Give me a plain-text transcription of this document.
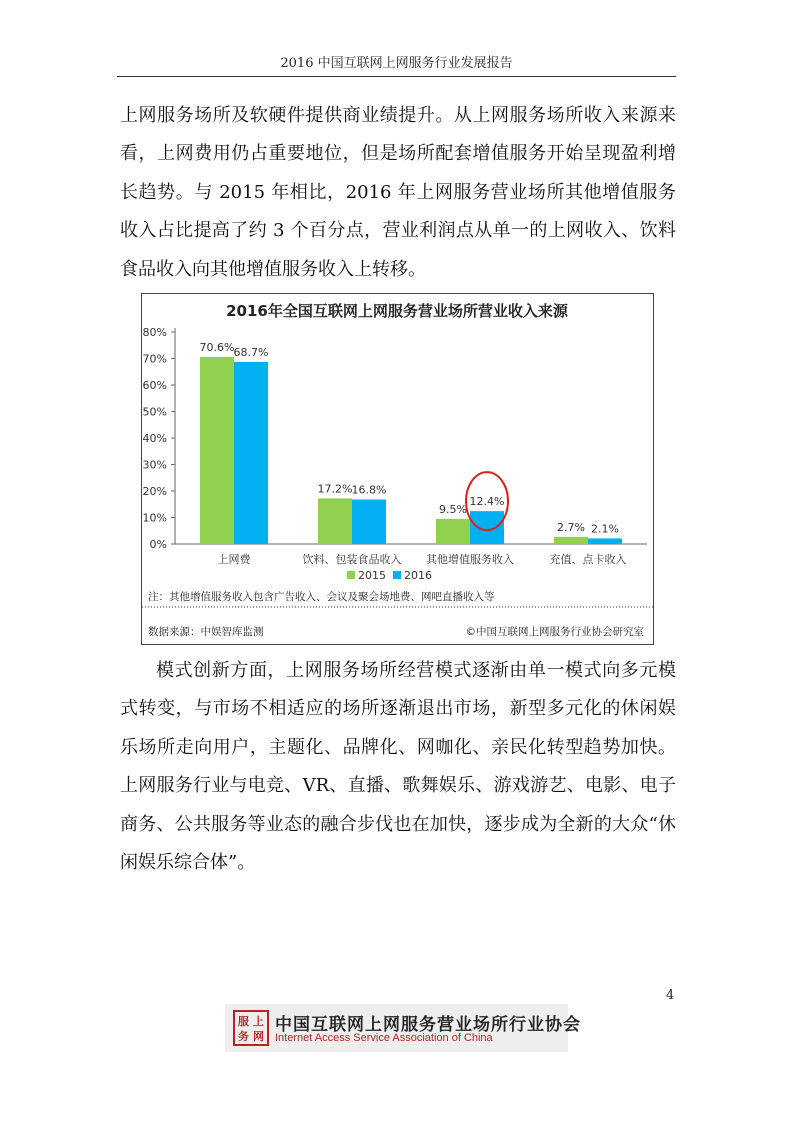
2016 中国互联网上网服务行业发展报告

上网服务场所及软硬件提供商业绩提升。从上网服务场所收入来源来看，上网费用仍占重要地位，但是场所配套增值服务开始呈现盈利增长趋势。与 2015 年相比，2016 年上网服务营业场所其他增值服务收入占比提高了约 3 个百分点，营业利润点从单一的上网收入、饮料食品收入向其他增值服务收入上转移。

2016年全国互联网上网服务营业场所营业收入来源
0%
10%
20%
30%
40%
50%
60%
70%
80%
上网费
70.6% 68.7%
饮料、包装食品收入
17.2% 16.8%
其他增值服务收入
9.5%
12.4%
充值、点卡收入
2.7% 2.1%
2015 2016
注：其他增值服务收入包含广告收入、会议及聚会场地费、网吧直播收入等
数据来源：中娱智库监测	©中国互联网上网服务行业协会研究室

模式创新方面，上网服务场所经营模式逐渐由单一模式向多元模式转变，与市场不相适应的场所逐渐退出市场，新型多元化的休闲娱乐场所走向用户，主题化、品牌化、网咖化、亲民化转型趋势加快。上网服务行业与电竞、VR、直播、歌舞娱乐、游戏游艺、电影、电子商务、公共服务等业态的融合步伐也在加快，逐步成为全新的大众“休闲娱乐综合体”。

4
服 上
务 网
中国互联网上网服务营业场所行业协会
Internet Access Service Association of China
